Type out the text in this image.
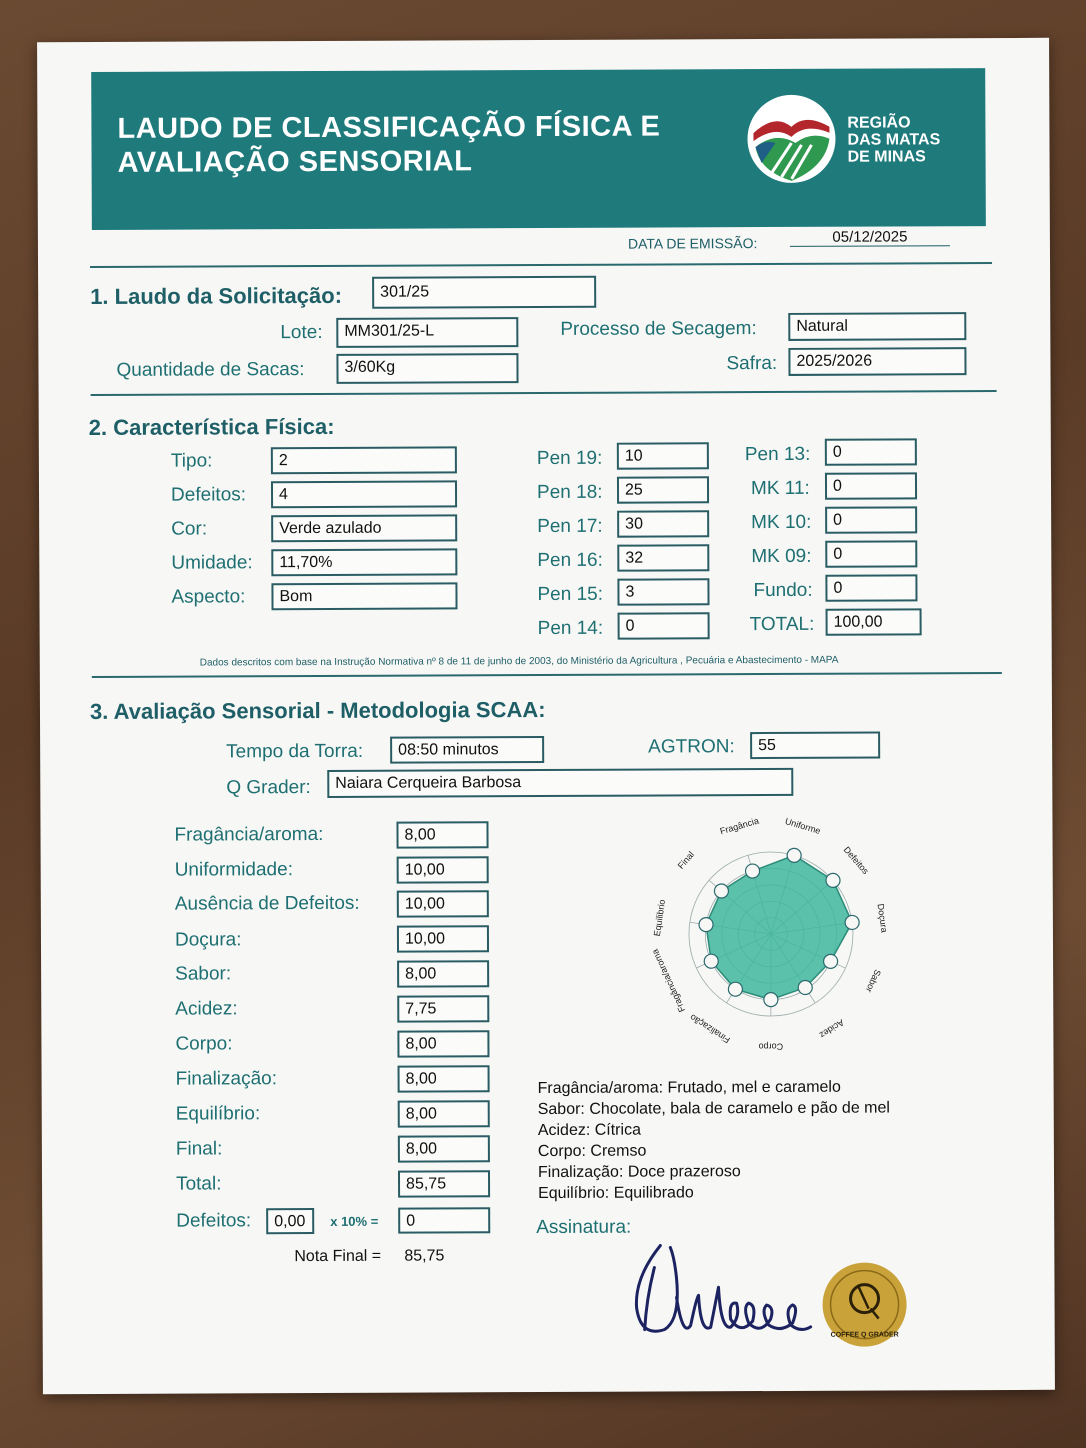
LAUDO DE CLASSIFICAÇÃO FÍSICA E
AVALIAÇÃO SENSORIAL
REGIÃO
DAS MATAS
DE MINAS
DATA DE EMISSÃO:	05/12/2025
1. Laudo da Solicitação:	301/25
Lote:	MM301/25-L	Processo de Secagem:	Natural
Quantidade de Sacas:	3/60Kg	Safra:	2025/2026
2. Característica Física:
Tipo:	2
Defeitos:	4
Cor:	Verde azulado
Umidade:	11,70%
Aspecto:	Bom
Pen 19:	10
Pen 18:	25
Pen 17:	30
Pen 16:	32
Pen 15:	3
Pen 14:	0
Pen 13:	0
MK 11:	0
MK 10:	0
MK 09:	0
Fundo:	0
TOTAL:	100,00
Dados descritos com base na Instrução Normativa nº 8 de 11 de junho de 2003, do Ministério da Agricultura , Pecuária e Abastecimento - MAPA
3. Avaliação Sensorial - Metodologia SCAA:
Tempo da Torra:	08:50 minutos	AGTRON:	55
Q Grader:	Naiara Cerqueira Barbosa
Fragância/aroma:	8,00
Uniformidade:	10,00
Ausência de Defeitos:	10,00
Doçura:	10,00
Sabor:	8,00
Acidez:	7,75
Corpo:	8,00
Finalização:	8,00
Equilíbrio:	8,00
Final:	8,00
Total:	85,75
Defeitos:	0,00	x 10% =	0
Nota Final = 85,75
Fragância	Uniforme
Defeitos
Doçura
Sabor
Acidez
Corpo
Finalização
Fragância/aroma
Equilibrio
Final
Fragância/aroma: Frutado, mel e caramelo
Sabor: Chocolate, bala de caramelo e pão de mel
Acidez: Cítrica
Corpo: Cremso
Finalização: Doce prazeroso
Equilíbrio: Equilibrado
Assinatura:
COFFEE Q GRADER
